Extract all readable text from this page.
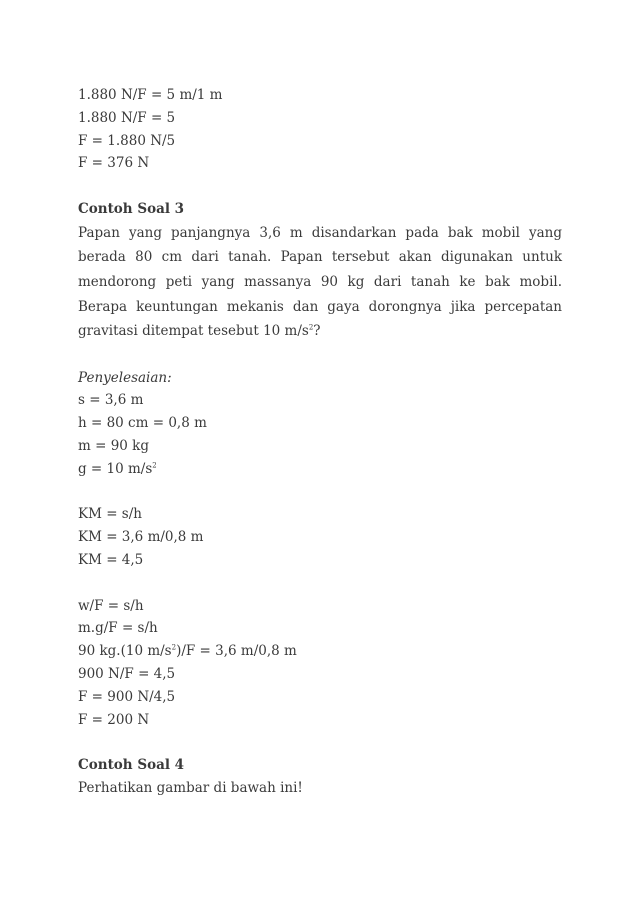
1.880 N/F = 5 m/1 m
1.880 N/F = 5
F = 1.880 N/5
F = 376 N
Contoh Soal 3

Papan yang panjangnya 3,6 m disandarkan pada bak mobil yang berada 80 cm dari tanah. Papan tersebut akan digunakan untuk mendorong peti yang massanya 90 kg dari tanah ke bak mobil. Berapa keuntungan mekanis dan gaya dorongnya jika percepatan gravitasi ditempat tesebut 10 $m/s^2$?

Penyelesaian:
s = 3,6 m
h = 80 cm = 0,8 m
m = 90 kg
g = 10 $m/s^2$
KM = s/h
KM = 3,6 m/0,8 m
KM = 4,5
w/F = s/h
m.g/F = s/h
90 kg.(10 $m/s^2)/F = 3,6$ m/0,8 m
900 N/F = 4,5
F = 900 N/4,5
F = 200 N
Contoh Soal 4
Perhatikan gambar di bawah ini!
